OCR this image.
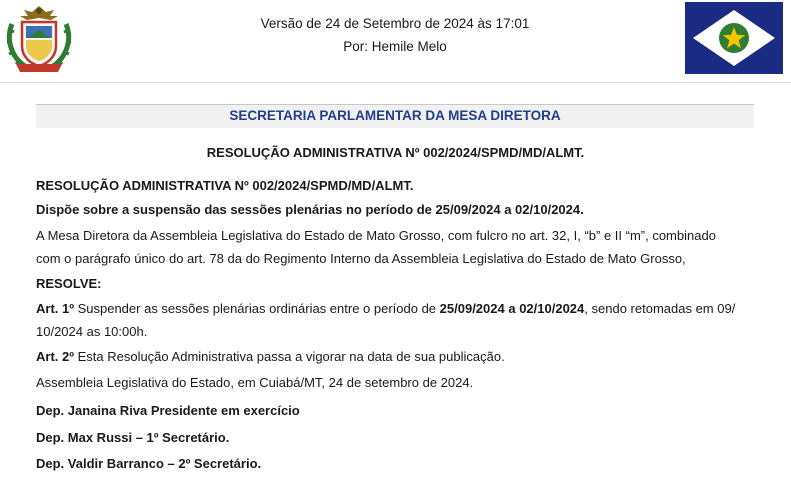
Versão de 24 de Setembro de 2024 às 17:01
Por: Hemile Melo
SECRETARIA PARLAMENTAR DA MESA DIRETORA
RESOLUÇÃO ADMINISTRATIVA Nº 002/2024/SPMD/MD/ALMT.
RESOLUÇÃO ADMINISTRATIVA Nº 002/2024/SPMD/MD/ALMT.
Dispõe sobre a suspensão das sessões plenárias no período de 25/09/2024 a 02/10/2024.
A Mesa Diretora da Assembleia Legislativa do Estado de Mato Grosso, com fulcro no art. 32, I, “b” e II “m”, combinado
com o parágrafo único do art. 78 da do Regimento Interno da Assembleia Legislativa do Estado de Mato Grosso,
RESOLVE:
Art. 1º Suspender as sessões plenárias ordinárias entre o período de 25/09/2024 a 02/10/2024, sendo retomadas em 09/
10/2024 as 10:00h.
Art. 2º Esta Resolução Administrativa passa a vigorar na data de sua publicação.
Assembleia Legislativa do Estado, em Cuiabá/MT, 24 de setembro de 2024.
Dep. Janaina Riva Presidente em exercício
Dep. Max Russi – 1º Secretário.
Dep. Valdir Barranco – 2º Secretário.
